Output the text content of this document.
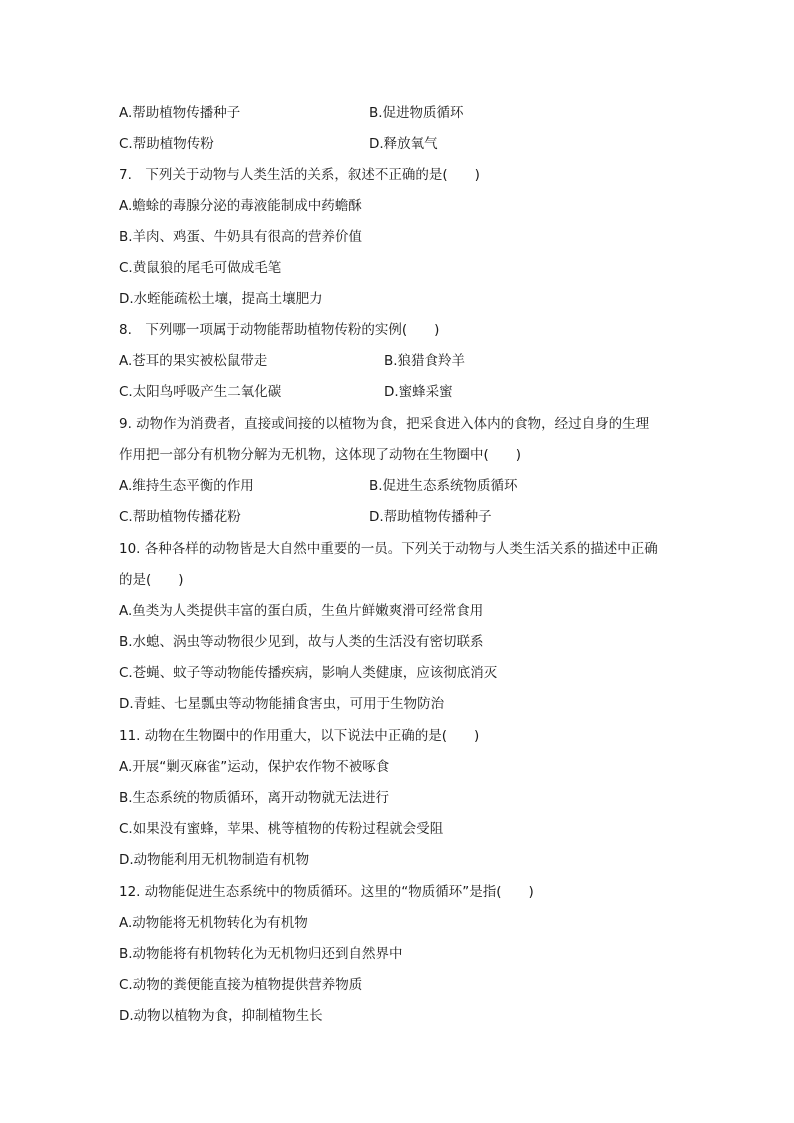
A.帮助植物传播种子	B.促进物质循环
C.帮助植物传粉	D.释放氧气
7.　下列关于动物与人类生活的关系，叙述不正确的是(　　)
A.蟾蜍的毒腺分泌的毒液能制成中药蟾酥
B.羊肉、鸡蛋、牛奶具有很高的营养价值
C.黄鼠狼的尾毛可做成毛笔
D.水蛭能疏松土壤，提高土壤肥力
8.　下列哪一项属于动物能帮助植物传粉的实例(　　)
A.苍耳的果实被松鼠带走	B.狼猎食羚羊
C.太阳鸟呼吸产生二氧化碳	D.蜜蜂采蜜
9. 动物作为消费者，直接或间接的以植物为食，把采食进入体内的食物，经过自身的生理
作用把一部分有机物分解为无机物，这体现了动物在生物圈中(　　)
A.维持生态平衡的作用	B.促进生态系统物质循环
C.帮助植物传播花粉	D.帮助植物传播种子
10. 各种各样的动物皆是大自然中重要的一员。下列关于动物与人类生活关系的描述中正确
的是(　　)
A.鱼类为人类提供丰富的蛋白质，生鱼片鲜嫩爽滑可经常食用
B.水螅、涡虫等动物很少见到，故与人类的生活没有密切联系
C.苍蝇、蚊子等动物能传播疾病，影响人类健康，应该彻底消灭
D.青蛙、七星瓢虫等动物能捕食害虫，可用于生物防治
11. 动物在生物圈中的作用重大，以下说法中正确的是(　　)
A.开展“剿灭麻雀”运动，保护农作物不被啄食
B.生态系统的物质循环，离开动物就无法进行
C.如果没有蜜蜂，苹果、桃等植物的传粉过程就会受阻
D.动物能利用无机物制造有机物
12. 动物能促进生态系统中的物质循环。这里的“物质循环”是指(　　)
A.动物能将无机物转化为有机物
B.动物能将有机物转化为无机物归还到自然界中
C.动物的粪便能直接为植物提供营养物质
D.动物以植物为食，抑制植物生长
